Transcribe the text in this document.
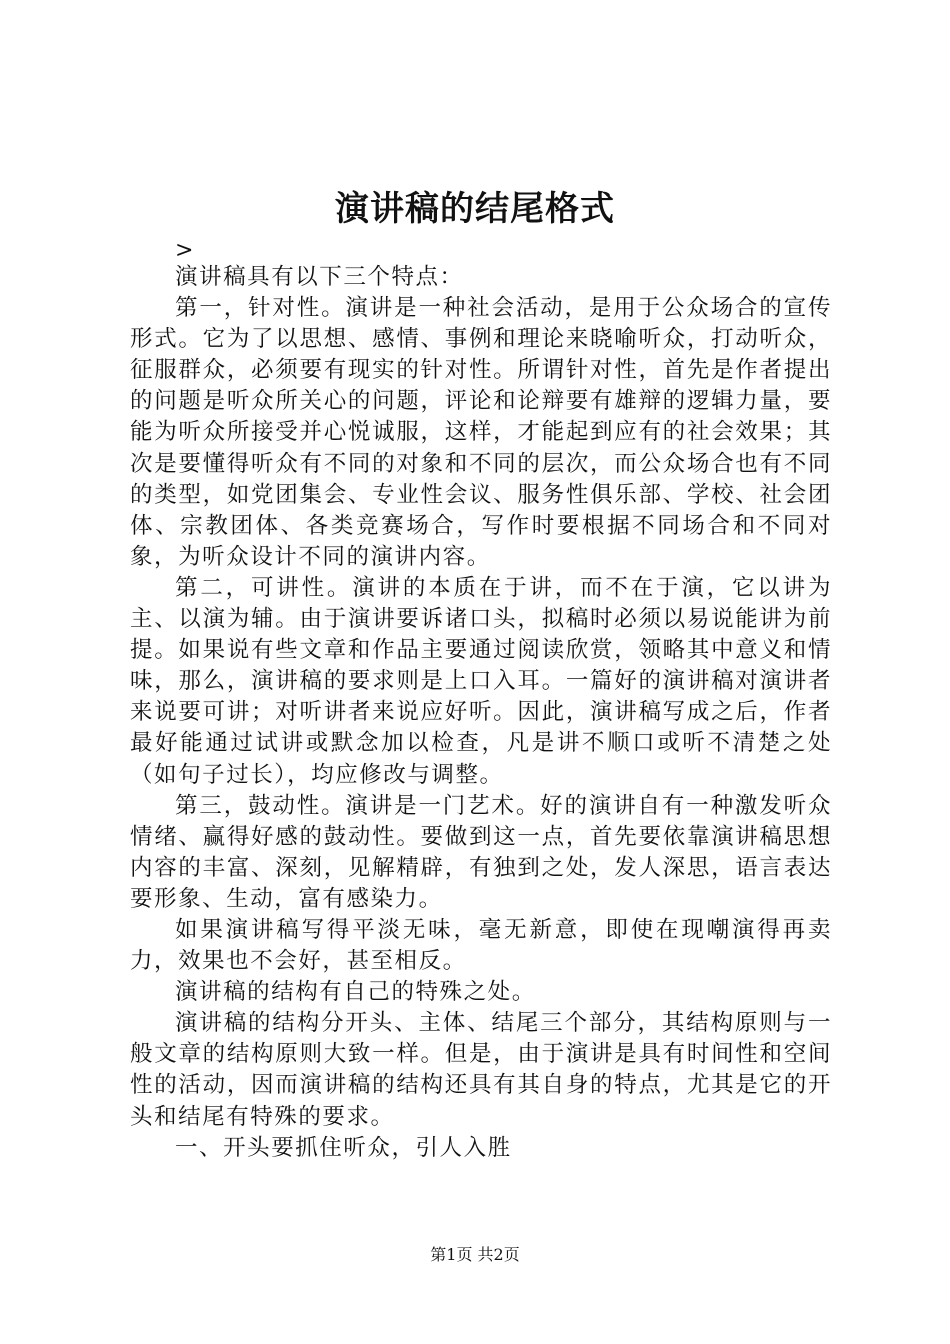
演讲稿的结尾格式
>

演讲稿具有以下三个特点：

第一，针对性。演讲是一种社会活动，是用于公众场合的宣传形式。它为了以思想、感情、事例和理论来晓喻听众，打动听众，征服群众，必须要有现实的针对性。所谓针对性，首先是作者提出的问题是听众所关心的问题，评论和论辩要有雄辩的逻辑力量，要能为听众所接受并心悦诚服，这样，才能起到应有的社会效果；其次是要懂得听众有不同的对象和不同的层次，而公众场合也有不同的类型，如党团集会、专业性会议、服务性俱乐部、学校、社会团体、宗教团体、各类竞赛场合，写作时要根据不同场合和不同对象，为听众设计不同的演讲内容。

第二，可讲性。演讲的本质在于讲，而不在于演，它以讲为主、以演为辅。由于演讲要诉诸口头，拟稿时必须以易说能讲为前提。如果说有些文章和作品主要通过阅读欣赏，领略其中意义和情味，那么，演讲稿的要求则是上口入耳。一篇好的演讲稿对演讲者来说要可讲；对听讲者来说应好听。因此，演讲稿写成之后，作者最好能通过试讲或默念加以检查，凡是讲不顺口或听不清楚之处（如句子过长），均应修改与调整。

第三，鼓动性。演讲是一门艺术。好的演讲自有一种激发听众情绪、赢得好感的鼓动性。要做到这一点，首先要依靠演讲稿思想内容的丰富、深刻，见解精辟，有独到之处，发人深思，语言表达要形象、生动，富有感染力。

如果演讲稿写得平淡无味，毫无新意，即使在现嘲演得再卖力，效果也不会好，甚至相反。

演讲稿的结构有自己的特殊之处。

演讲稿的结构分开头、主体、结尾三个部分，其结构原则与一般文章的结构原则大致一样。但是，由于演讲是具有时间性和空间性的活动，因而演讲稿的结构还具有其自身的特点，尤其是它的开头和结尾有特殊的要求。

一、开头要抓住听众，引人入胜

第1页 共2页
